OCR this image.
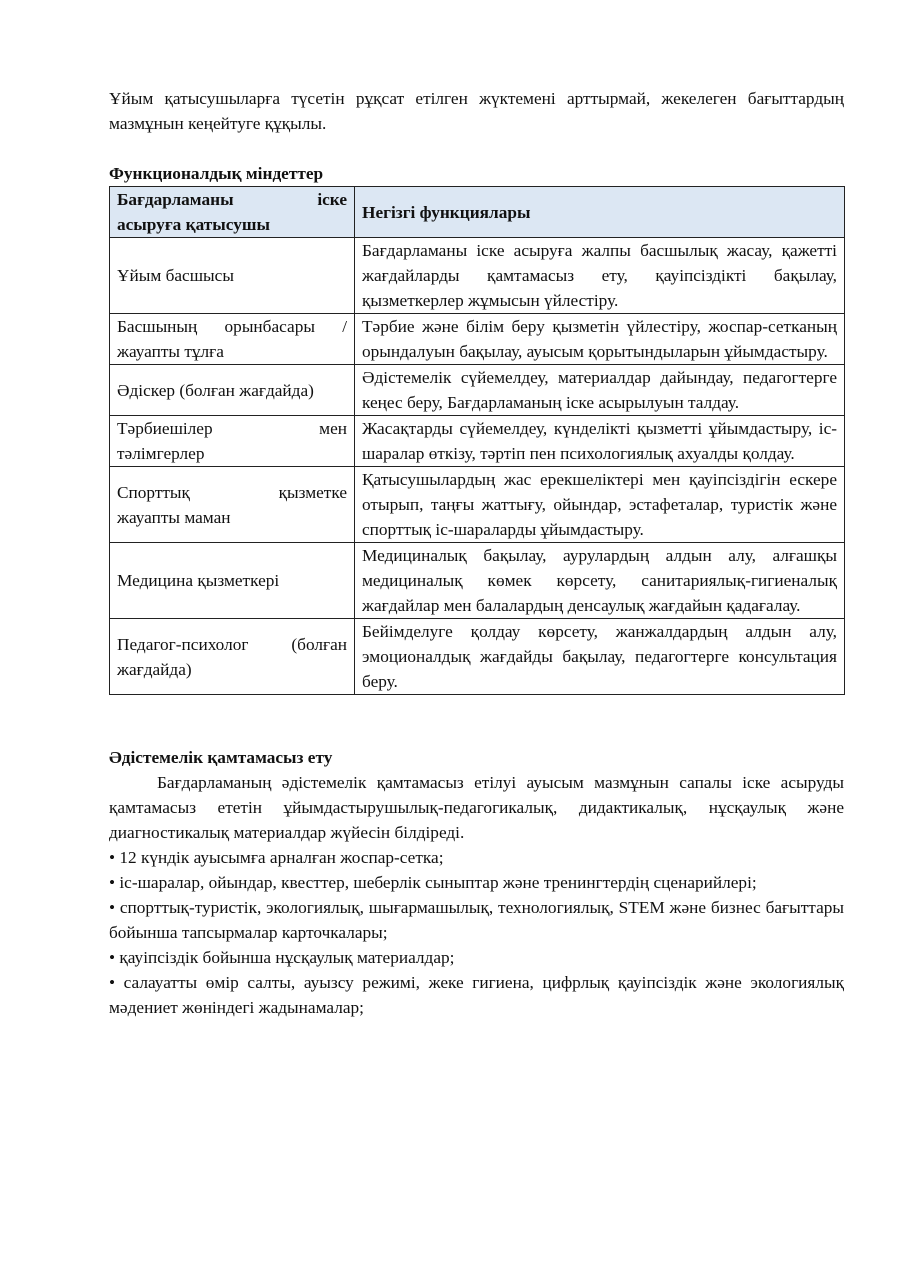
Ұйым қатысушыларға түсетін рұқсат етілген жүктемені арттырмай, жекелеген бағыттардың мазмұнын кеңейтуге құқылы.

Функционалдық міндеттер

Бағдарламаны іске
асыруға қатысушы	Негізгі функциялары
Ұйым басшысы	Бағдарламаны іске асыруға жалпы басшылық жасау, қажетті жағдайларды қамтамасыз ету, қауіпсіздікті бақылау, қызметкерлер жұмысын үйлестіру.
Басшының орынбасары / жауапты тұлға	Тәрбие және білім беру қызметін үйлестіру, жоспар-сетканың орындалуын бақылау, ауысым қорытындыларын ұйымдастыру.
Әдіскер (болған жағдайда)	Әдістемелік сүйемелдеу, материалдар дайындау, педагогтерге кеңес беру, Бағдарламаның іске асырылуын талдау.

Тәрбиешілер мен
тәлімгерлер	Жасақтарды сүйемелдеу, күнделікті қызметті ұйымдастыру, іс-шаралар өткізу, тәртіп пен психологиялық ахуалды қолдау.

Спорттық қызметке
жауапты маман	Қатысушылардың жас ерекшеліктері мен қауіпсіздігін ескере отырып, таңғы жаттығу, ойындар, эстафеталар, туристік және спорттық іс-шараларды ұйымдастыру.
Медицина қызметкері	Медициналық бақылау, аурулардың алдын алу, алғашқы медициналық көмек көрсету, санитариялық-гигиеналық жағдайлар мен балалардың денсаулық жағдайын қадағалау.
Педагог-психолог (болған жағдайда)	Бейімделуге қолдау көрсету, жанжалдардың алдын алу, эмоционалдық жағдайды бақылау, педагогтерге консультация беру.

Әдістемелік қамтамасыз ету

Бағдарламаның әдістемелік қамтамасыз етілуі ауысым мазмұнын сапалы іске асыруды қамтамасыз ететін ұйымдастырушылық-педагогикалық, дидактикалық, нұсқаулық және диагностикалық материалдар жүйесін білдіреді.

• 12 күндік ауысымға арналған жоспар-сетка;

• іс-шаралар, ойындар, квесттер, шеберлік сыныптар және тренингтердің сценарийлері;

• спорттық-туристік, экологиялық, шығармашылық, технологиялық, STEM және бизнес бағыттары бойынша тапсырмалар карточкалары;

• қауіпсіздік бойынша нұсқаулық материалдар;

• салауатты өмір салты, ауызсу режимі, жеке гигиена, цифрлық қауіпсіздік және экологиялық мәдениет жөніндегі жадынамалар;
